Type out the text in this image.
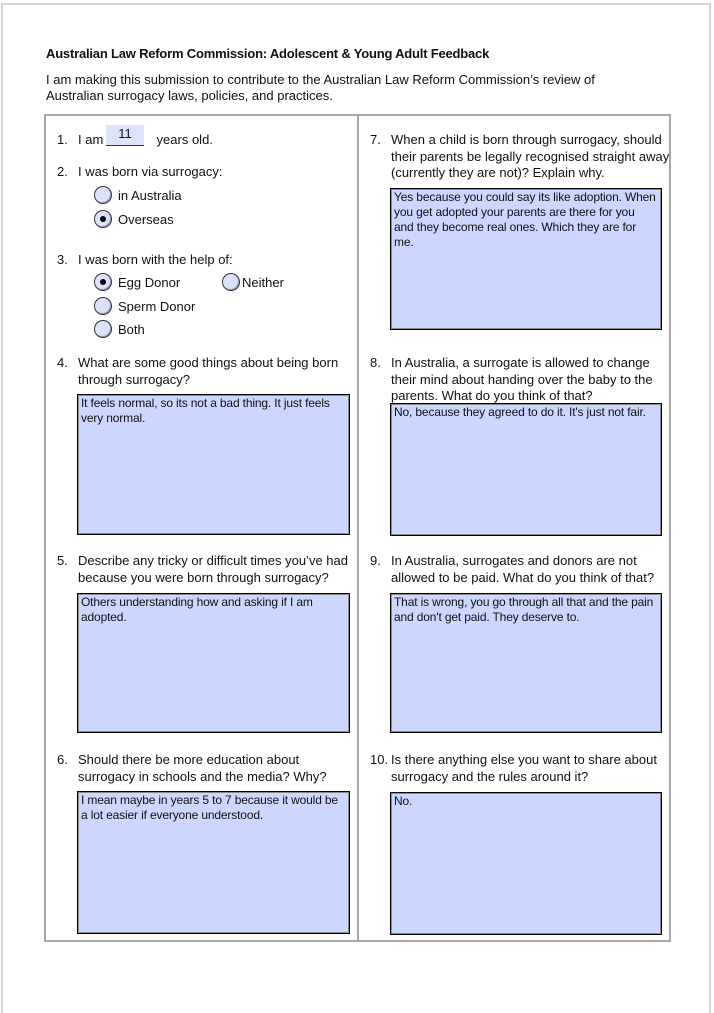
Australian Law Reform Commission: Adolescent & Young Adult Feedback
I am making this submission to contribute to the Australian Law Reform Commission’s review of Australian surrogacy laws, policies, and practices.
1. I am	years old.
11
2. I was born via surrogacy:
in Australia
Overseas
3. I was born with the help of:
Egg Donor	Neither
Sperm Donor
Both
4. What are some good things about being born through surrogacy?
It feels normal, so its not a bad thing. It just feels very normal.
5. Describe any tricky or difficult times you’ve had because you were born through surrogacy?
Others understanding how and asking if I am adopted.
6. Should there be more education about surrogacy in schools and the media? Why?
I mean maybe in years 5 to 7 because it would be a lot easier if everyone understood.
7. When a child is born through surrogacy, should their parents be legally recognised straight away (currently they are not)? Explain why.
Yes because you could say its like adoption. When you get adopted your parents are there for you and they become real ones. Which they are for me.
8. In Australia, a surrogate is allowed to change their mind about handing over the baby to the parents. What do you think of that?
No, because they agreed to do it. It's just not fair.
9. In Australia, surrogates and donors are not allowed to be paid. What do you think of that?
That is wrong, you go through all that and the pain and don't get paid. They deserve to.
10. Is there anything else you want to share about surrogacy and the rules around it?
No.
